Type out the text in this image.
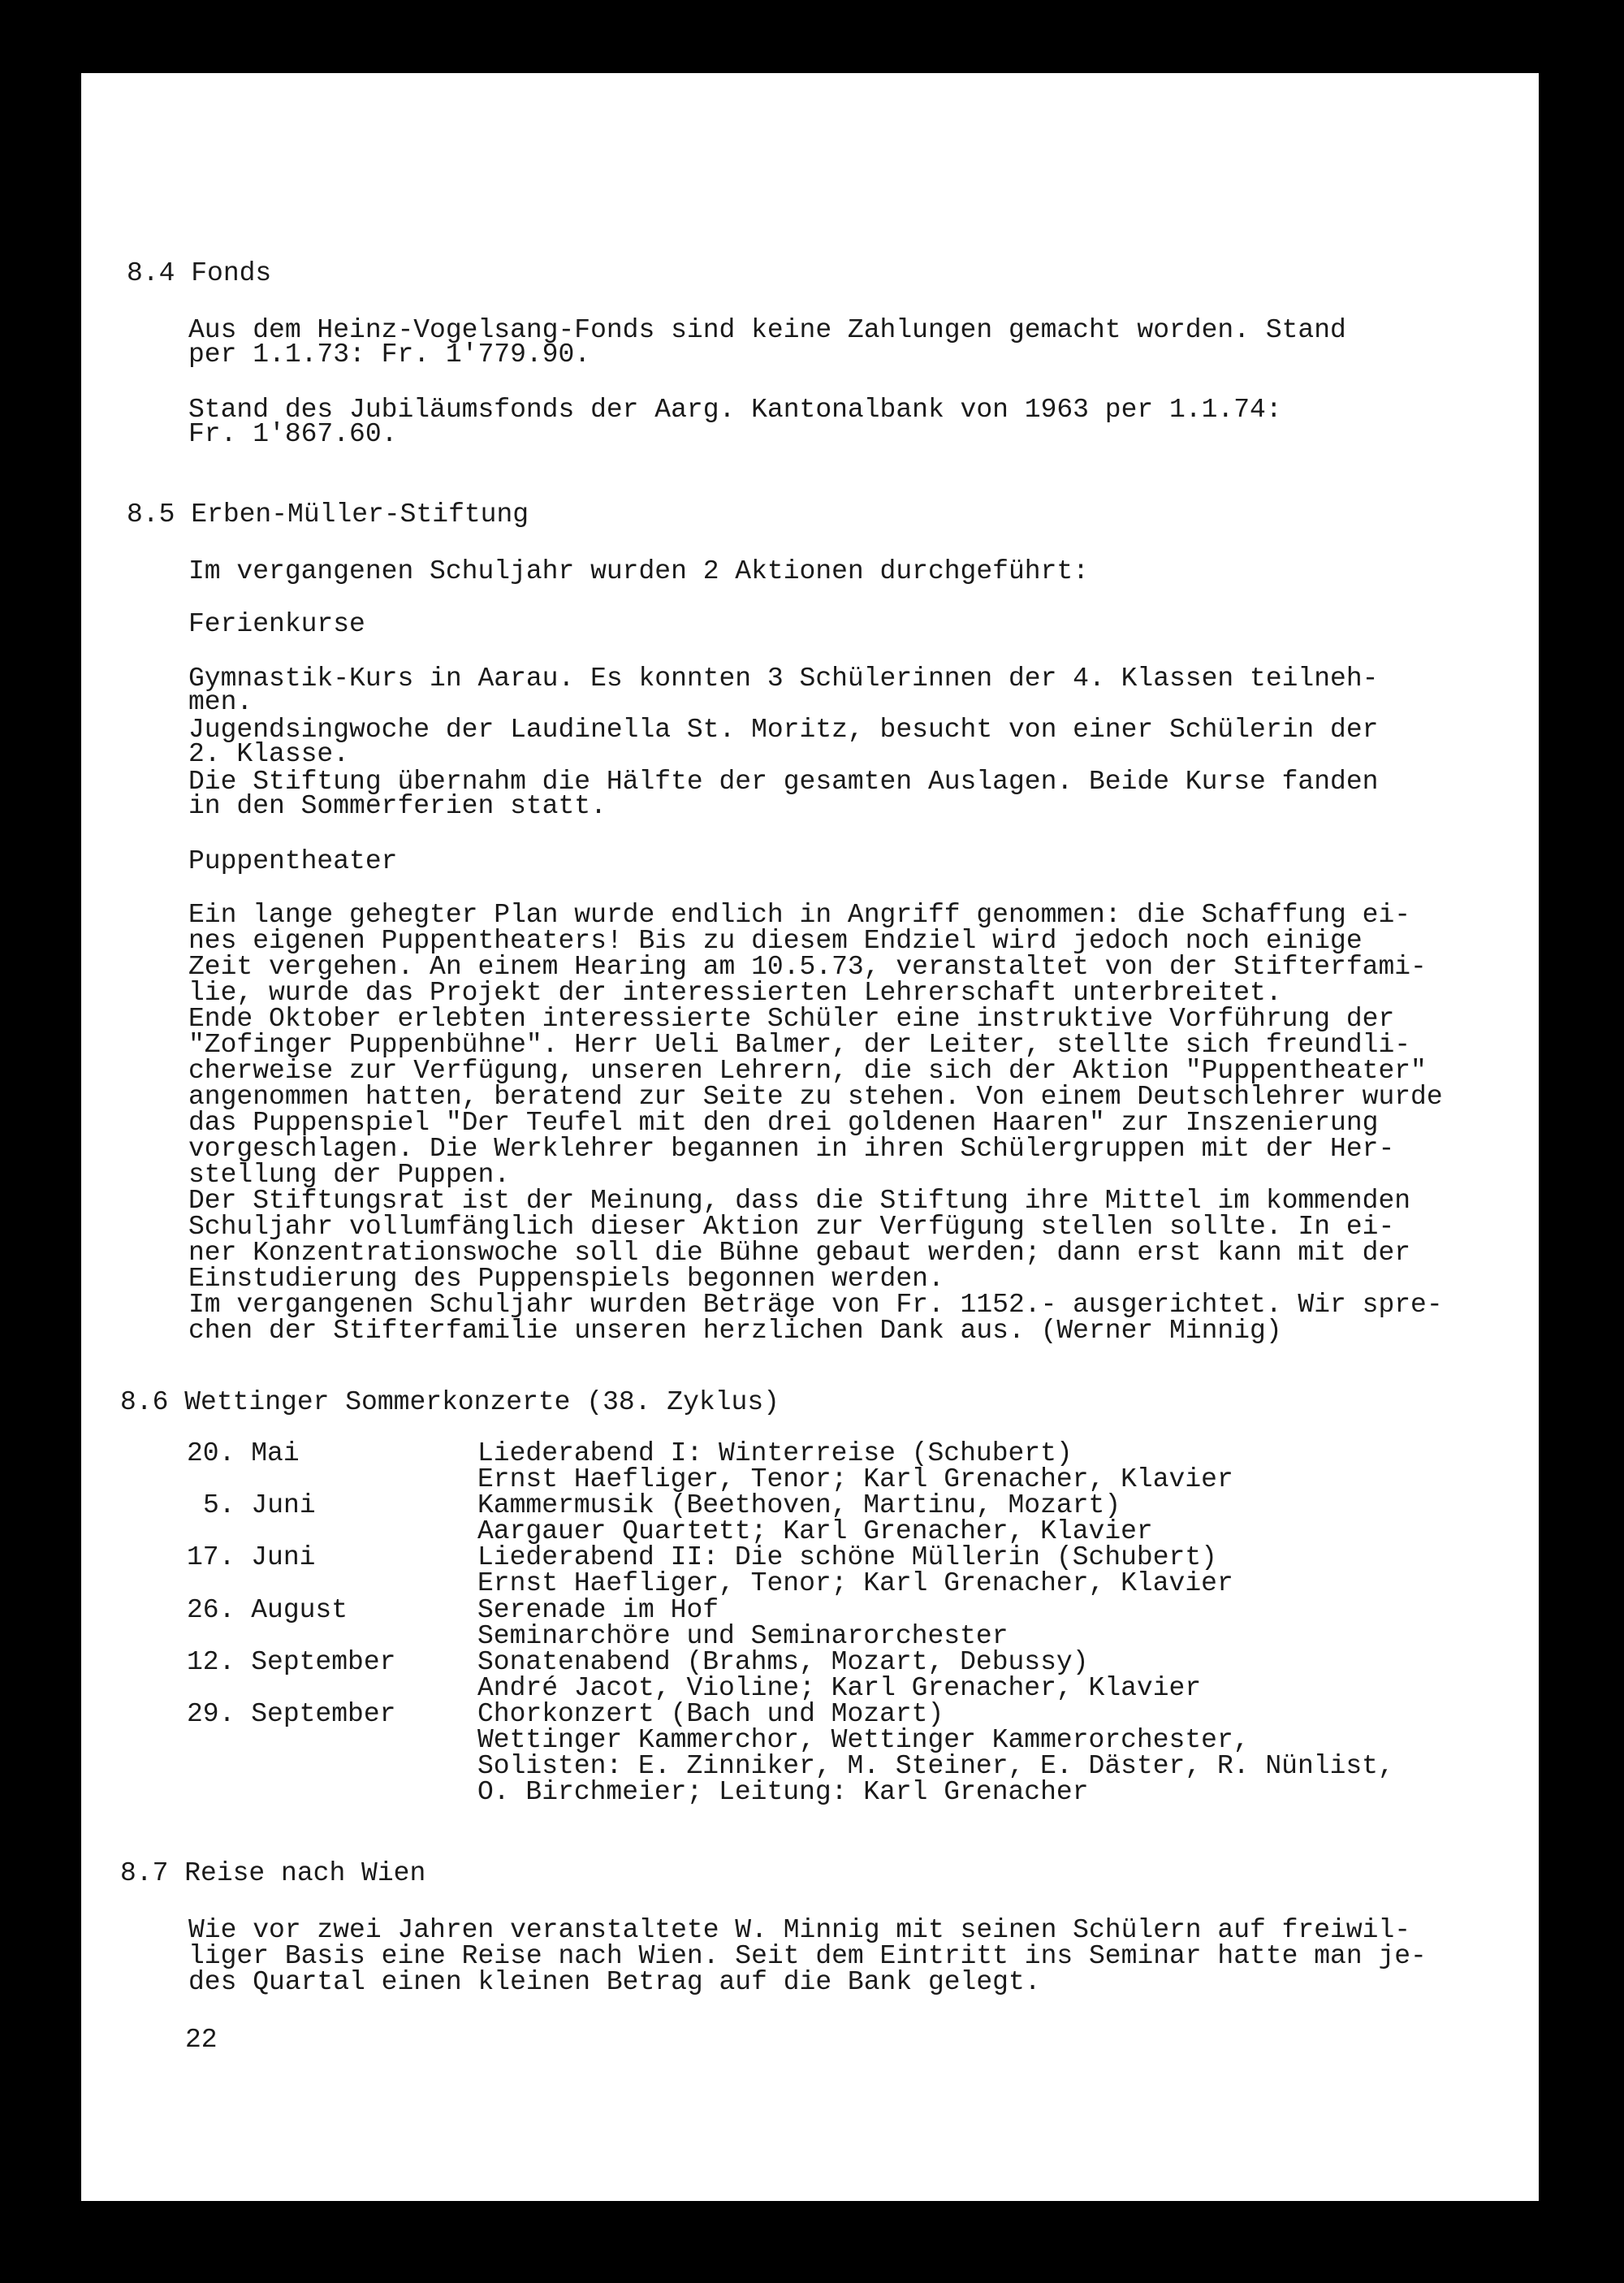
8.4 Fonds
Aus dem Heinz-Vogelsang-Fonds sind keine Zahlungen gemacht worden. Stand
per 1.1.73: Fr. 1'779.90.
Stand des Jubiläumsfonds der Aarg. Kantonalbank von 1963 per 1.1.74:
Fr. 1'867.60.
8.5 Erben-Müller-Stiftung
Im vergangenen Schuljahr wurden 2 Aktionen durchgeführt:
Ferienkurse
Gymnastik-Kurs in Aarau. Es konnten 3 Schülerinnen der 4. Klassen teilneh-
men.
Jugendsingwoche der Laudinella St. Moritz, besucht von einer Schülerin der
2. Klasse.
Die Stiftung übernahm die Hälfte der gesamten Auslagen. Beide Kurse fanden
in den Sommerferien statt.
Puppentheater
Ein lange gehegter Plan wurde endlich in Angriff genommen: die Schaffung ei-
nes eigenen Puppentheaters! Bis zu diesem Endziel wird jedoch noch einige
Zeit vergehen. An einem Hearing am 10.5.73, veranstaltet von der Stifterfami-
lie, wurde das Projekt der interessierten Lehrerschaft unterbreitet.
Ende Oktober erlebten interessierte Schüler eine instruktive Vorführung der
"Zofinger Puppenbühne". Herr Ueli Balmer, der Leiter, stellte sich freundli-
cherweise zur Verfügung, unseren Lehrern, die sich der Aktion "Puppentheater"
angenommen hatten, beratend zur Seite zu stehen. Von einem Deutschlehrer wurde
das Puppenspiel "Der Teufel mit den drei goldenen Haaren" zur Inszenierung
vorgeschlagen. Die Werklehrer begannen in ihren Schülergruppen mit der Her-
stellung der Puppen.
Der Stiftungsrat ist der Meinung, dass die Stiftung ihre Mittel im kommenden
Schuljahr vollumfänglich dieser Aktion zur Verfügung stellen sollte. In ei-
ner Konzentrationswoche soll die Bühne gebaut werden; dann erst kann mit der
Einstudierung des Puppenspiels begonnen werden.
Im vergangenen Schuljahr wurden Beträge von Fr. 1152.- ausgerichtet. Wir spre-
chen der Stifterfamilie unseren herzlichen Dank aus. (Werner Minnig)
8.6 Wettinger Sommerkonzerte (38. Zyklus)
20. Mai	Liederabend I: Winterreise (Schubert)
Ernst Haefliger, Tenor; Karl Grenacher, Klavier
5. Juni	Kammermusik (Beethoven, Martinu, Mozart)
Aargauer Quartett; Karl Grenacher, Klavier
17. Juni	Liederabend II: Die schöne Müllerin (Schubert)
Ernst Haefliger, Tenor; Karl Grenacher, Klavier
26. August	Serenade im Hof
Seminarchöre und Seminarorchester
12. September	Sonatenabend (Brahms, Mozart, Debussy)
André Jacot, Violine; Karl Grenacher, Klavier
29. September	Chorkonzert (Bach und Mozart)
Wettinger Kammerchor, Wettinger Kammerorchester,
Solisten: E. Zinniker, M. Steiner, E. Däster, R. Nünlist,
O. Birchmeier; Leitung: Karl Grenacher
8.7 Reise nach Wien
Wie vor zwei Jahren veranstaltete W. Minnig mit seinen Schülern auf freiwil-
liger Basis eine Reise nach Wien. Seit dem Eintritt ins Seminar hatte man je-
des Quartal einen kleinen Betrag auf die Bank gelegt.
22
